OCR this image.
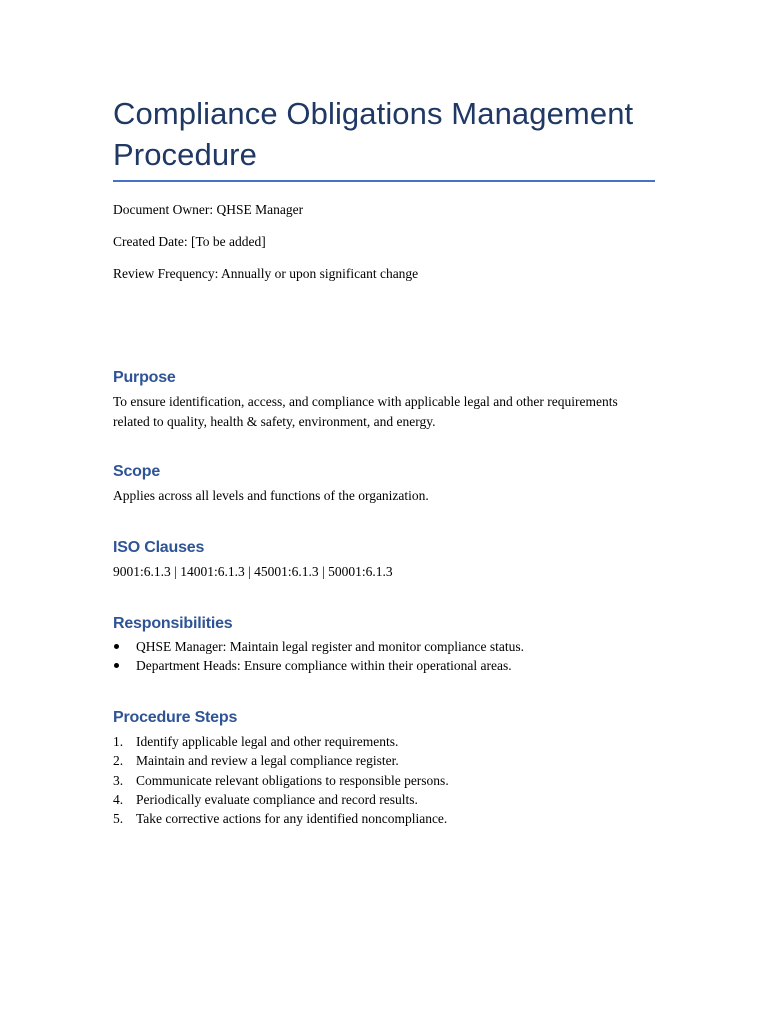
Compliance Obligations Management Procedure

Document Owner: QHSE Manager

Created Date: [To be added]

Review Frequency: Annually or upon significant change

Purpose

To ensure identification, access, and compliance with applicable legal and other requirements related to quality, health & safety, environment, and energy.

Scope

Applies across all levels and functions of the organization.

ISO Clauses

9001:6.1.3 | 14001:6.1.3 | 45001:6.1.3 | 50001:6.1.3

Responsibilities
QHSE Manager: Maintain legal register and monitor compliance status.
Department Heads: Ensure compliance within their operational areas.
Procedure Steps
1. Identify applicable legal and other requirements.
2. Maintain and review a legal compliance register.
3. Communicate relevant obligations to responsible persons.
4. Periodically evaluate compliance and record results.
5. Take corrective actions for any identified noncompliance.
